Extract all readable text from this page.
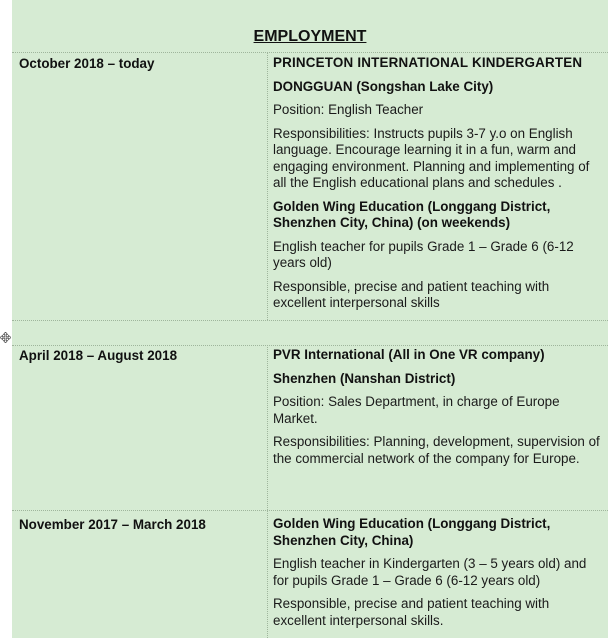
EMPLOYMENT
October 2018 – today	PRINCETON INTERNATIONAL KINDERGARTEN

DONGGUAN (Songshan Lake City)

Position: English Teacher

Responsibilities: Instructs pupils 3-7 y.o on English language. Encourage learning it in a fun, warm and engaging environment. Planning and implementing of all the English educational plans and schedules .

Golden Wing Education (Longgang District, Shenzhen City, China) (on weekends)

English teacher for pupils Grade 1 – Grade 6 (6-12 years old)

Responsible, precise and patient teaching with excellent interpersonal skills

April 2018 – August 2018	PVR International (All in One VR company)

Shenzhen (Nanshan District)

Position: Sales Department, in charge of Europe Market.

Responsibilities: Planning, development, supervision of the commercial network of the company for Europe.

November 2017 – March 2018	Golden Wing Education (Longgang District, Shenzhen City, China)

English teacher in Kindergarten (3 – 5 years old) and for pupils Grade 1 – Grade 6 (6-12 years old)

Responsible, precise and patient teaching with excellent interpersonal skills.
